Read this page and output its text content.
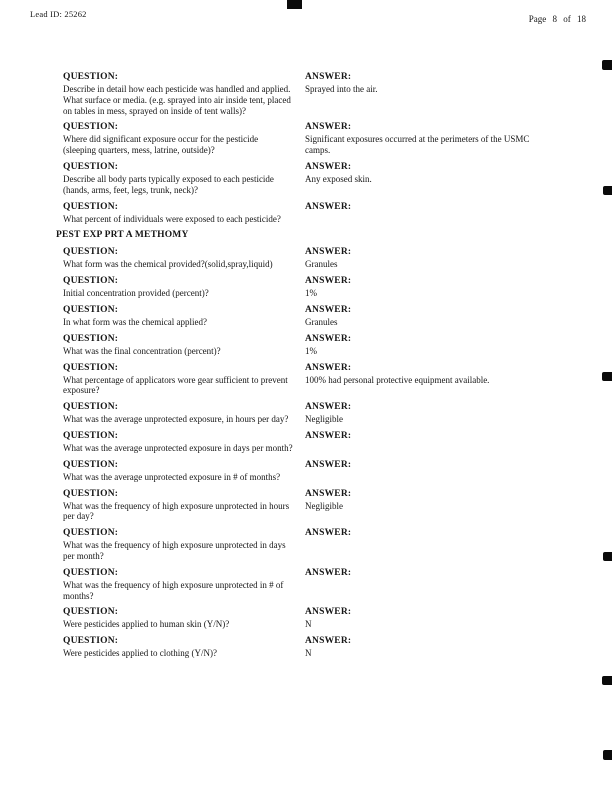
Lead ID: 25262	Page 8 of 18
QUESTION:
Describe in detail how each pesticide was handled and applied. What surface or media. (e.g. sprayed into air inside tent, placed on tables in mess, sprayed on inside of tent walls)?
ANSWER:
Sprayed into the air.
QUESTION:
Where did significant exposure occur for the pesticide (sleeping quarters, mess, latrine, outside)?
ANSWER:
Significant exposures occurred at the perimeters of the USMC camps.
QUESTION:
Describe all body parts typically exposed to each pesticide (hands, arms, feet, legs, trunk, neck)?
ANSWER:
Any exposed skin.
QUESTION:
What percent of individuals were exposed to each pesticide?
ANSWER:
PEST EXP PRT A METHOMY
QUESTION:
What form was the chemical provided?(solid,spray,liquid)
ANSWER:
Granules
QUESTION:
Initial concentration provided (percent)?
ANSWER:
1%
QUESTION:
In what form was the chemical applied?
ANSWER:
Granules
QUESTION:
What was the final concentration (percent)?
ANSWER:
1%
QUESTION:
What percentage of applicators wore gear sufficient to prevent exposure?
ANSWER:
100% had personal protective equipment available.
QUESTION:
What was the average unprotected exposure, in hours per day?
ANSWER:
Negligible
QUESTION:
What was the average unprotected exposure in days per month?
ANSWER:
QUESTION:
What was the average unprotected exposure in # of months?
ANSWER:
QUESTION:
What was the frequency of high exposure unprotected in hours per day?
ANSWER:
Negligible
QUESTION:
What was the frequency of high exposure unprotected in days per month?
ANSWER:
QUESTION:
What was the frequency of high exposure unprotected in # of months?
ANSWER:
QUESTION:
Were pesticides applied to human skin (Y/N)?
ANSWER:
N
QUESTION:
Were pesticides applied to clothing (Y/N)?
ANSWER:
N
